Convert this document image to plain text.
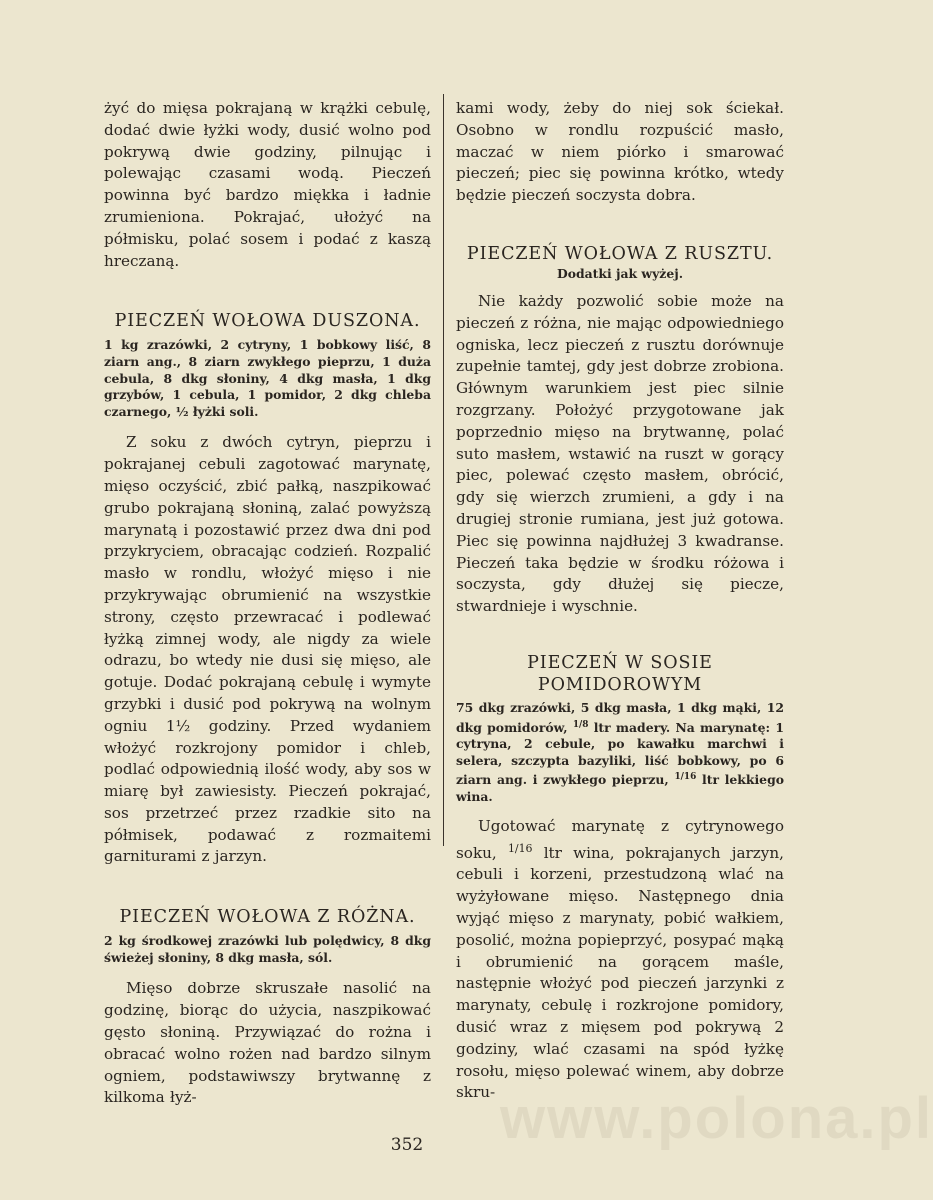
www.polona.pl

żyć do mięsa pokrajaną w krążki cebulę, dodać dwie łyżki wody, dusić wolno pod pokrywą dwie godziny, pilnując i polewając czasami wodą. Pieczeń powinna być bardzo miękka i ładnie zrumieniona. Pokrajać, ułożyć na półmisku, polać sosem i podać z kaszą hreczaną.

PIECZEŃ WOŁOWA DUSZONA.

1 kg zrazówki, 2 cytryny, 1 bobkowy liść, 8 ziarn ang., 8 ziarn zwykłego pieprzu, 1 duża cebula, 8 dkg słoniny, 4 dkg masła, 1 dkg grzybów, 1 cebula, 1 pomidor, 2 dkg chleba czarnego, ½ łyżki soli.

Z soku z dwóch cytryn, pieprzu i pokrajanej cebuli zagotować marynatę, mięso oczyścić, zbić pałką, naszpikować grubo pokrajaną słoniną, zalać powyższą marynatą i pozostawić przez dwa dni pod przykryciem, obracając codzień. Rozpalić masło w rondlu, włożyć mięso i nie przykrywając obrumienić na wszystkie strony, często przewracać i podlewać łyżką zimnej wody, ale nigdy za wiele odrazu, bo wtedy nie dusi się mięso, ale gotuje. Dodać pokrajaną cebulę i wymyte grzybki i dusić pod pokrywą na wolnym ogniu 1½ godziny. Przed wydaniem włożyć rozkrojony pomidor i chleb, podlać odpowiednią ilość wody, aby sos w miarę był zawiesisty. Pieczeń pokrajać, sos przetrzeć przez rzadkie sito na półmisek, podawać z rozmaitemi garniturami z jarzyn.

PIECZEŃ WOŁOWA Z RÓŻNA.

2 kg środkowej zrazówki lub polędwicy, 8 dkg świeżej słoniny, 8 dkg masła, sól.

Mięso dobrze skruszałe nasolić na godzinę, biorąc do użycia, naszpikować gęsto słoniną. Przywiązać do rożna i obracać wolno rożen nad bardzo silnym ogniem, podstawiwszy brytwannę z kilkoma łyż-

kami wody, żeby do niej sok ściekał. Osobno w rondlu rozpuścić masło, maczać w niem piórko i smarować pieczeń; piec się powinna krótko, wtedy będzie pieczeń soczysta dobra.

PIECZEŃ WOŁOWA Z RUSZTU.
Dodatki jak wyżej.

Nie każdy pozwolić sobie może na pieczeń z różna, nie mając odpowiedniego ogniska, lecz pieczeń z rusztu dorównuje zupełnie tamtej, gdy jest dobrze zrobiona. Głównym warunkiem jest piec silnie rozgrzany. Położyć przygotowane jak poprzednio mięso na brytwannę, polać suto masłem, wstawić na ruszt w gorący piec, polewać często masłem, obrócić, gdy się wierzch zrumieni, a gdy i na drugiej stronie rumiana, jest już gotowa. Piec się powinna najdłużej 3 kwadranse. Pieczeń taka będzie w środku różowa i soczysta, gdy dłużej się piecze, stwardnieje i wyschnie.

PIECZEŃ W SOSIE
POMIDOROWYM

75 dkg zrazówki, 5 dkg masła, 1 dkg mąki, 12 dkg pomidorów, $^{1/8}$ ltr madery. Na marynatę: 1 cytryna, 2 cebule, po kawałku marchwi i selera, szczypta bazyliki, liść bobkowy, po 6 ziarn ang. i zwykłego pieprzu, $^{1/16}$ ltr lekkiego wina.

Ugotować marynatę z cytrynowego soku, $^{1/16}$ ltr wina, pokrajanych jarzyn, cebuli i korzeni, przestudzoną wlać na wyżyłowane mięso. Następnego dnia wyjąć mięso z marynaty, pobić wałkiem, posolić, można popieprzyć, posypać mąką i obrumienić na gorącem maśle, następnie włożyć pod pieczeń jarzynki z marynaty, cebulę i rozkrojone pomidory, dusić wraz z mięsem pod pokrywą 2 godziny, wlać czasami na spód łyżkę rosołu, mięso polewać winem, aby dobrze skru-

352
